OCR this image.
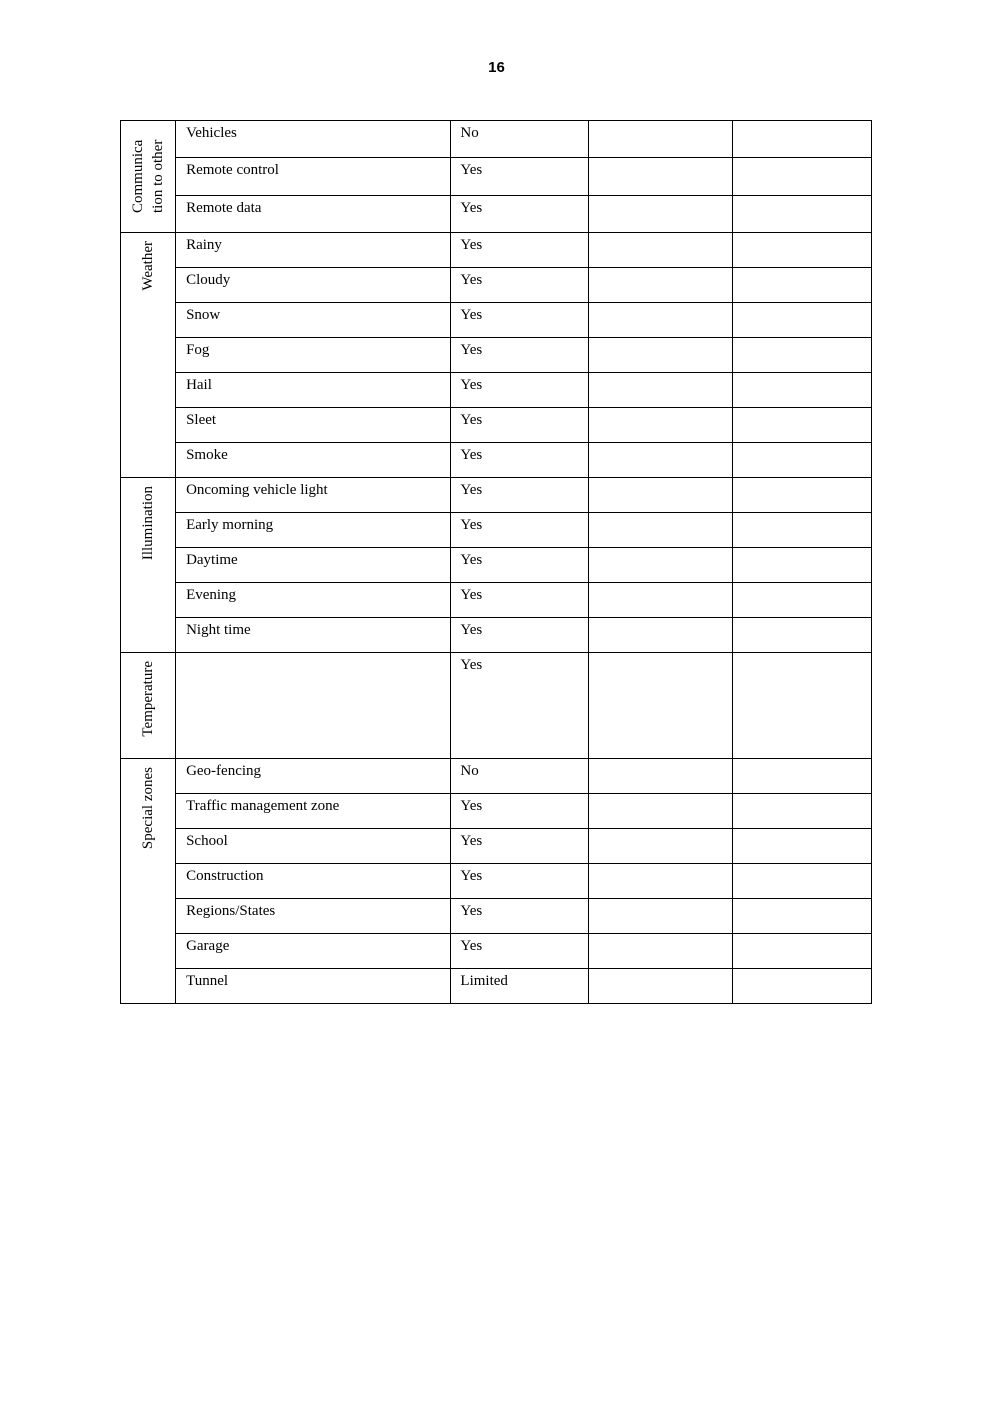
16
Communica tion to other	Vehicles	No		
	Remote control	Yes		
	Remote data	Yes		

Weather	Rainy	Yes		
	Cloudy	Yes		
	Snow	Yes		
	Fog	Yes		
	Hail	Yes		
	Sleet	Yes		
	Smoke	Yes		

Illumination	Oncoming vehicle light	Yes		
	Early morning	Yes		
	Daytime	Yes		
	Evening	Yes		
	Night time	Yes		

Temperature		Yes		

Special zones	Geo-fencing	No		
	Traffic management zone	Yes		
	School	Yes		
	Construction	Yes		
	Regions/States	Yes		
	Garage	Yes		
	Tunnel	Limited		
